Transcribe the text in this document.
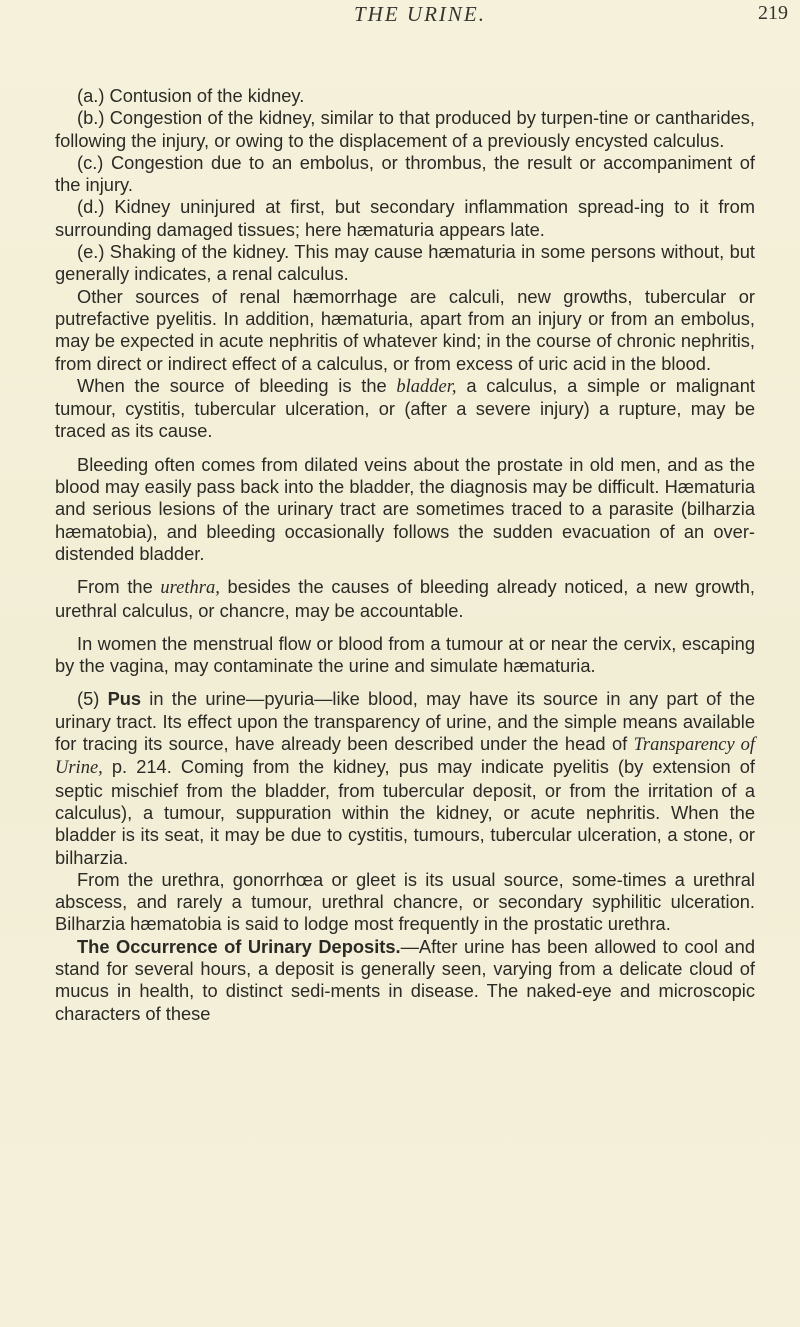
THE URINE.	219

(a.) Contusion of the kidney.

(b.) Congestion of the kidney, similar to that produced by turpen-tine or cantharides, following the injury, or owing to the displacement of a previously encysted calculus.

(c.) Congestion due to an embolus, or thrombus, the result or accompaniment of the injury.

(d.) Kidney uninjured at first, but secondary inflammation spread-ing to it from surrounding damaged tissues; here hæmaturia appears late.

(e.) Shaking of the kidney. This may cause hæmaturia in some persons without, but generally indicates, a renal calculus.

Other sources of renal hæmorrhage are calculi, new growths, tubercular or putrefactive pyelitis. In addition, hæmaturia, apart from an injury or from an embolus, may be expected in acute nephritis of whatever kind; in the course of chronic nephritis, from direct or indirect effect of a calculus, or from excess of uric acid in the blood.

When the source of bleeding is the bladder, a calculus, a simple or malignant tumour, cystitis, tubercular ulceration, or (after a severe injury) a rupture, may be traced as its cause.

Bleeding often comes from dilated veins about the prostate in old men, and as the blood may easily pass back into the bladder, the diagnosis may be difficult. Hæmaturia and serious lesions of the urinary tract are sometimes traced to a parasite (bilharzia hæmatobia), and bleeding occasionally follows the sudden evacuation of an over-distended bladder.

From the urethra, besides the causes of bleeding already noticed, a new growth, urethral calculus, or chancre, may be accountable.

In women the menstrual flow or blood from a tumour at or near the cervix, escaping by the vagina, may contaminate the urine and simulate hæmaturia.

(5) Pus in the urine—pyuria—like blood, may have its source in any part of the urinary tract. Its effect upon the transparency of urine, and the simple means available for tracing its source, have already been described under the head of Transparency of Urine, p. 214. Coming from the kidney, pus may indicate pyelitis (by extension of septic mischief from the bladder, from tubercular deposit, or from the irritation of a calculus), a tumour, suppuration within the kidney, or acute nephritis. When the bladder is its seat, it may be due to cystitis, tumours, tubercular ulceration, a stone, or bilharzia.

From the urethra, gonorrhœa or gleet is its usual source, some-times a urethral abscess, and rarely a tumour, urethral chancre, or secondary syphilitic ulceration. Bilharzia hæmatobia is said to lodge most frequently in the prostatic urethra.

The Occurrence of Urinary Deposits.—After urine has been allowed to cool and stand for several hours, a deposit is generally seen, varying from a delicate cloud of mucus in health, to distinct sedi-ments in disease. The naked-eye and microscopic characters of these
